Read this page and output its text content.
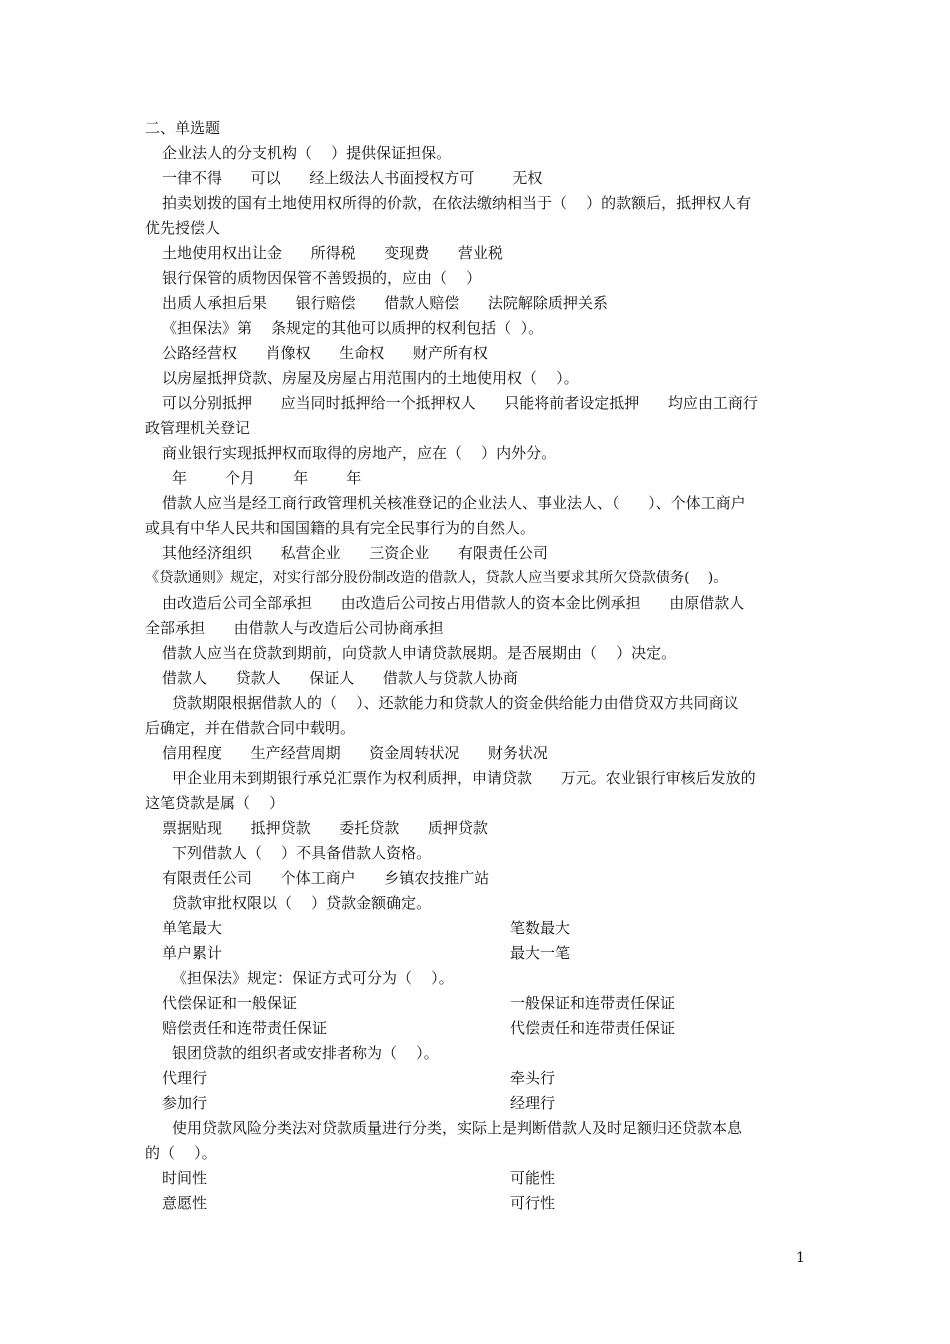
二、单选题
企业法人的分支机构（    ）提供保证担保。
一律不得      可以      经上级法人书面授权方可        无权
拍卖划拨的国有土地使用权所得的价款，在依法缴纳相当于（    ）的款额后，抵押权人有
优先授偿人
土地使用权出让金      所得税      变现费      营业税
银行保管的质物因保管不善毁损的，应由（    ）
出质人承担后果      银行赔偿      借款人赔偿      法院解除质押关系
《担保法》第    条规定的其他可以质押的权利包括（  ）。
公路经营权      肖像权      生命权      财产所有权
以房屋抵押贷款、房屋及房屋占用范围内的土地使用权（    ）。
可以分别抵押      应当同时抵押给一个抵押权人      只能将前者设定抵押      均应由工商行
政管理机关登记
商业银行实现抵押权而取得的房地产，应在（    ）内外分。
年        个月        年        年
借款人应当是经工商行政管理机关核准登记的企业法人、事业法人、（      ）、个体工商户
或具有中华人民共和国国籍的具有完全民事行为的自然人。
其他经济组织      私营企业      三资企业      有限责任公司
《贷款通则》规定，对实行部分股份制改造的借款人，贷款人应当要求其所欠贷款债务(    )。
由改造后公司全部承担      由改造后公司按占用借款人的资本金比例承担      由原借款人
全部承担      由借款人与改造后公司协商承担
借款人应当在贷款到期前，向贷款人申请贷款展期。是否展期由（    ）决定。
借款人      贷款人      保证人      借款人与贷款人协商
贷款期限根据借款人的（    ）、还款能力和贷款人的资金供给能力由借贷双方共同商议
后确定，并在借款合同中载明。
信用程度      生产经营周期      资金周转状况      财务状况
甲企业用未到期银行承兑汇票作为权利质押，申请贷款      万元。农业银行审核后发放的
这笔贷款是属（    ）
票据贴现      抵押贷款      委托贷款      质押贷款
下列借款人（    ）不具备借款人资格。
有限责任公司      个体工商户      乡镇农技推广站
贷款审批权限以（    ）贷款金额确定。
单笔最大	笔数最大
单户累计	最大一笔
《担保法》规定：保证方式可分为（    ）。
代偿保证和一般保证	一般保证和连带责任保证
赔偿责任和连带责任保证	代偿责任和连带责任保证
银团贷款的组织者或安排者称为（    ）。
代理行	牵头行
参加行	经理行
使用贷款风险分类法对贷款质量进行分类，实际上是判断借款人及时足额归还贷款本息
的（    ）。
时间性	可能性
意愿性	可行性
1
